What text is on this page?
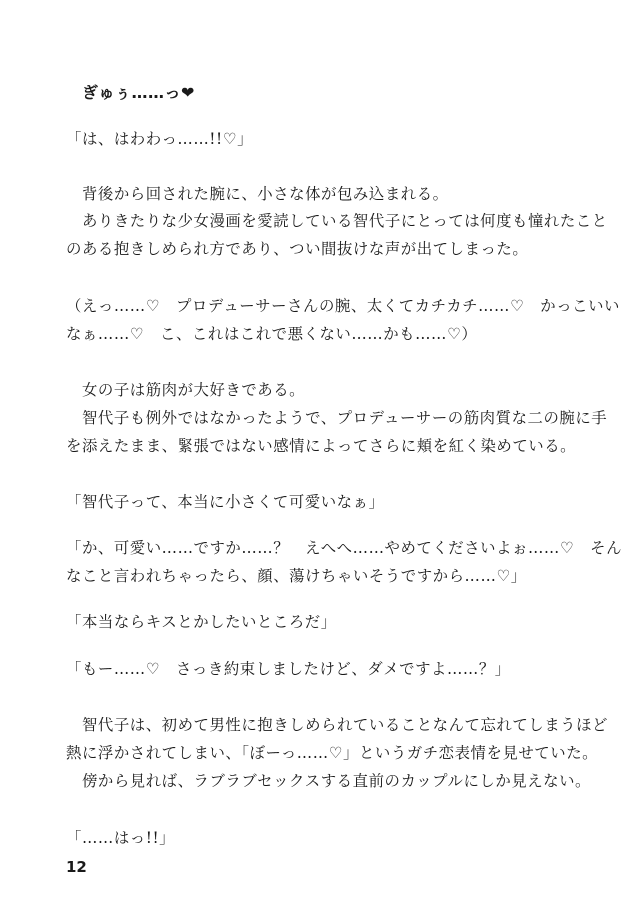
ぎゅぅ……っ❤
「は、はわわっ……!!♡」
　背後から回された腕に、小さな体が包み込まれる。
　ありきたりな少女漫画を愛読している智代子にとっては何度も憧れたこと
のある抱きしめられ方であり、つい間抜けな声が出てしまった。
（えっ……♡　プロデューサーさんの腕、太くてカチカチ……♡　かっこいい
なぁ……♡　こ、これはこれで悪くない……かも……♡）
　女の子は筋肉が大好きである。
　智代子も例外ではなかったようで、プロデューサーの筋肉質な二の腕に手
を添えたまま、緊張ではない感情によってさらに頬を紅く染めている。
「智代子って、本当に小さくて可愛いなぁ」
「か、可愛い……ですか……？　えへへ……やめてくださいよぉ……♡　そん
なこと言われちゃったら、顔、蕩けちゃいそうですから……♡」
「本当ならキスとかしたいところだ」
「もー……♡　さっき約束しましたけど、ダメですよ……？」
　智代子は、初めて男性に抱きしめられていることなんて忘れてしまうほど
熱に浮かされてしまい、「ぼーっ……♡」というガチ恋表情を見せていた。
　傍から見れば、ラブラブセックスする直前のカップルにしか見えない。
「……はっ!!」
12
